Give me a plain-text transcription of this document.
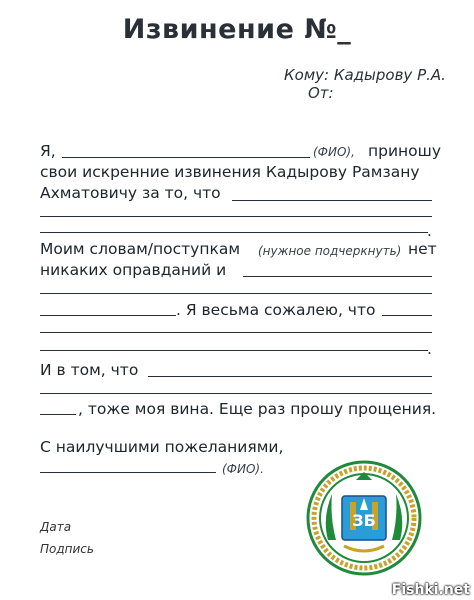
Извинение №_
Кому: Кадырову Р.А.
От:
Я,	(ФИО), приношу
свои искренние извинения Кадырову Рамзану
Ахматовичу за то, что
.
Моим словам/поступкам (нужное подчеркнуть) нет
никаких оправданий и
. Я весьма сожалею, что
.
И в том, что
, тоже моя вина. Еще раз прошу прощения.
С наилучшими пожеланиями,
(ФИО).
Дата
Подпись
ЗБ
Fishki.net
